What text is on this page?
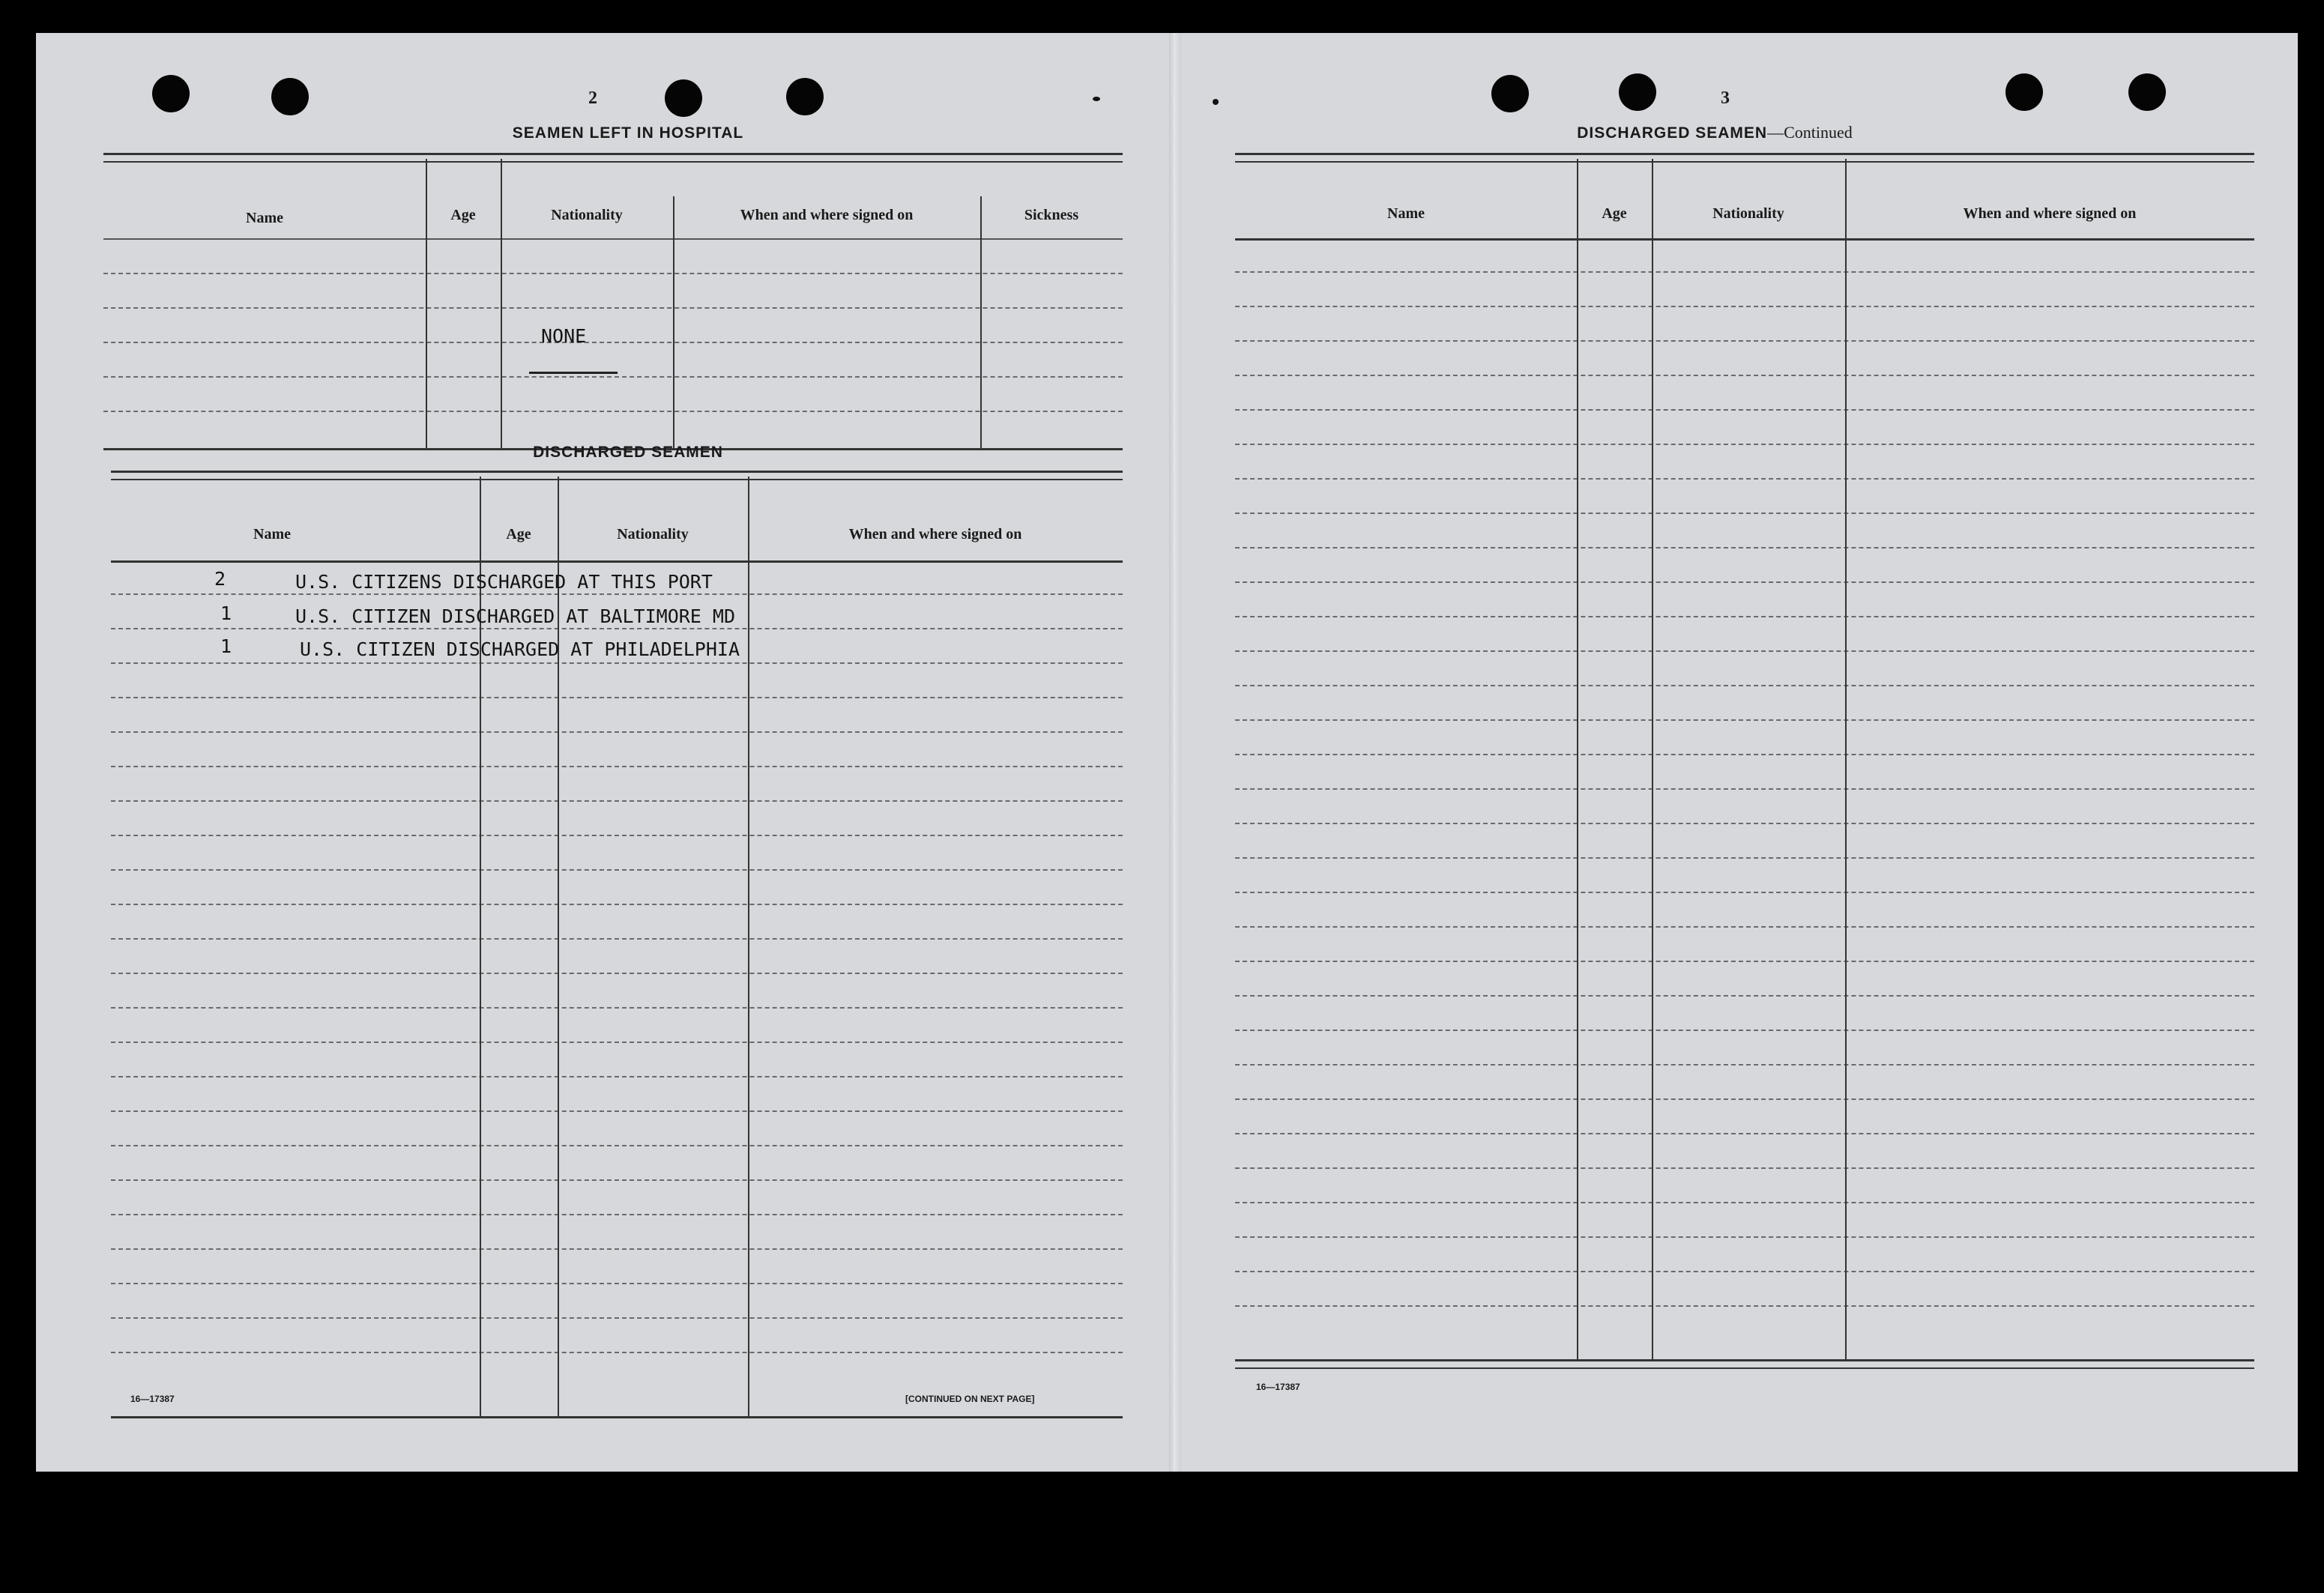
2
SEAMEN LEFT IN HOSPITAL
Name	Age	Nationality	When and where signed on	Sickness
NONE
DISCHARGED SEAMEN
Name	Age	Nationality	When and where signed on
2	U.S. CITIZENS DISCHARGED AT THIS PORT
1	U.S. CITIZEN DISCHARGED AT BALTIMORE MD
1	U.S. CITIZEN DISCHARGED AT PHILADELPHIA
16—17387	[CONTINUED ON NEXT PAGE]
3
DISCHARGED SEAMEN—Continued
Name	Age	Nationality	When and where signed on
16—17387
